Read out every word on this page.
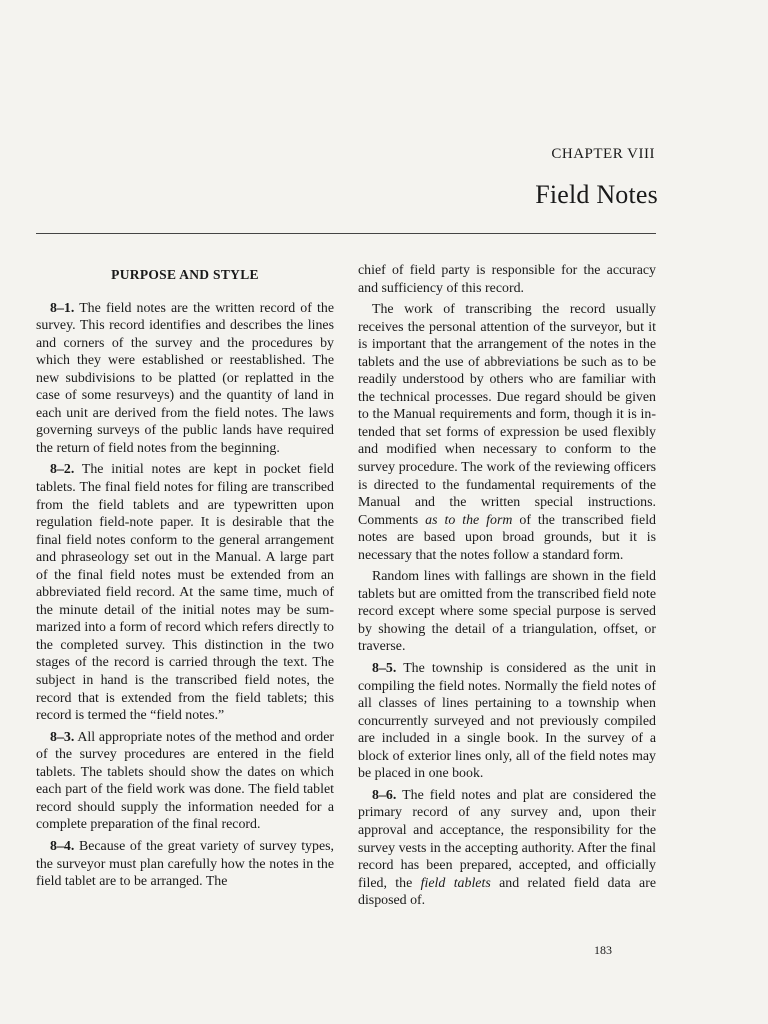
CHAPTER VIII
Field Notes
PURPOSE AND STYLE

8–1. The field notes are the written record of the survey. This record identifies and describes the lines and corners of the survey and the procedures by which they were established or reestablished. The new subdivisions to be platted (or replatted in the case of some resurveys) and the quantity of land in each unit are derived from the field notes. The laws governing surveys of the public lands have required the return of field notes from the beginning.

8–2. The initial notes are kept in pocket field tablets. The final field notes for filing are transcribed from the field tablets and are typewritten upon regulation field-note paper. It is desirable that the final field notes conform to the general arrangement and phraseology set out in the Manual. A large part of the final field notes must be extended from an abbreviated field record. At the same time, much of the minute detail of the initial notes may be summarized into a form of record which refers directly to the completed survey. This distinction in the two stages of the record is carried through the text. The subject in hand is the transcribed field notes, the record that is extended from the field tablets; this record is termed the “field notes.”

8–3. All appropriate notes of the method and order of the survey procedures are entered in the field tablets. The tablets should show the dates on which each part of the field work was done. The field tablet record should supply the information needed for a complete preparation of the final record.

8–4. Because of the great variety of survey types, the surveyor must plan carefully how the notes in the field tablet are to be arranged. The

chief of field party is responsible for the accuracy and sufficiency of this record.

The work of transcribing the record usually receives the personal attention of the surveyor, but it is important that the arrangement of the notes in the tablets and the use of abbreviations be such as to be readily understood by others who are familiar with the technical processes. Due regard should be given to the Manual requirements and form, though it is intended that set forms of expression be used flexibly and modified when necessary to conform to the survey procedure. The work of the reviewing officers is directed to the fundamental requirements of the Manual and the written special instructions. Comments as to the form of the transcribed field notes are based upon broad grounds, but it is necessary that the notes follow a standard form.

Random lines with fallings are shown in the field tablets but are omitted from the transcribed field note record except where some special purpose is served by showing the detail of a triangulation, offset, or traverse.

8–5. The township is considered as the unit in compiling the field notes. Normally the field notes of all classes of lines pertaining to a township when concurrently surveyed and not previously compiled are included in a single book. In the survey of a block of exterior lines only, all of the field notes may be placed in one book.

8–6. The field notes and plat are considered the primary record of any survey and, upon their approval and acceptance, the responsibility for the survey vests in the accepting authority. After the final record has been prepared, accepted, and officially filed, the field tablets and related field data are disposed of.

183
